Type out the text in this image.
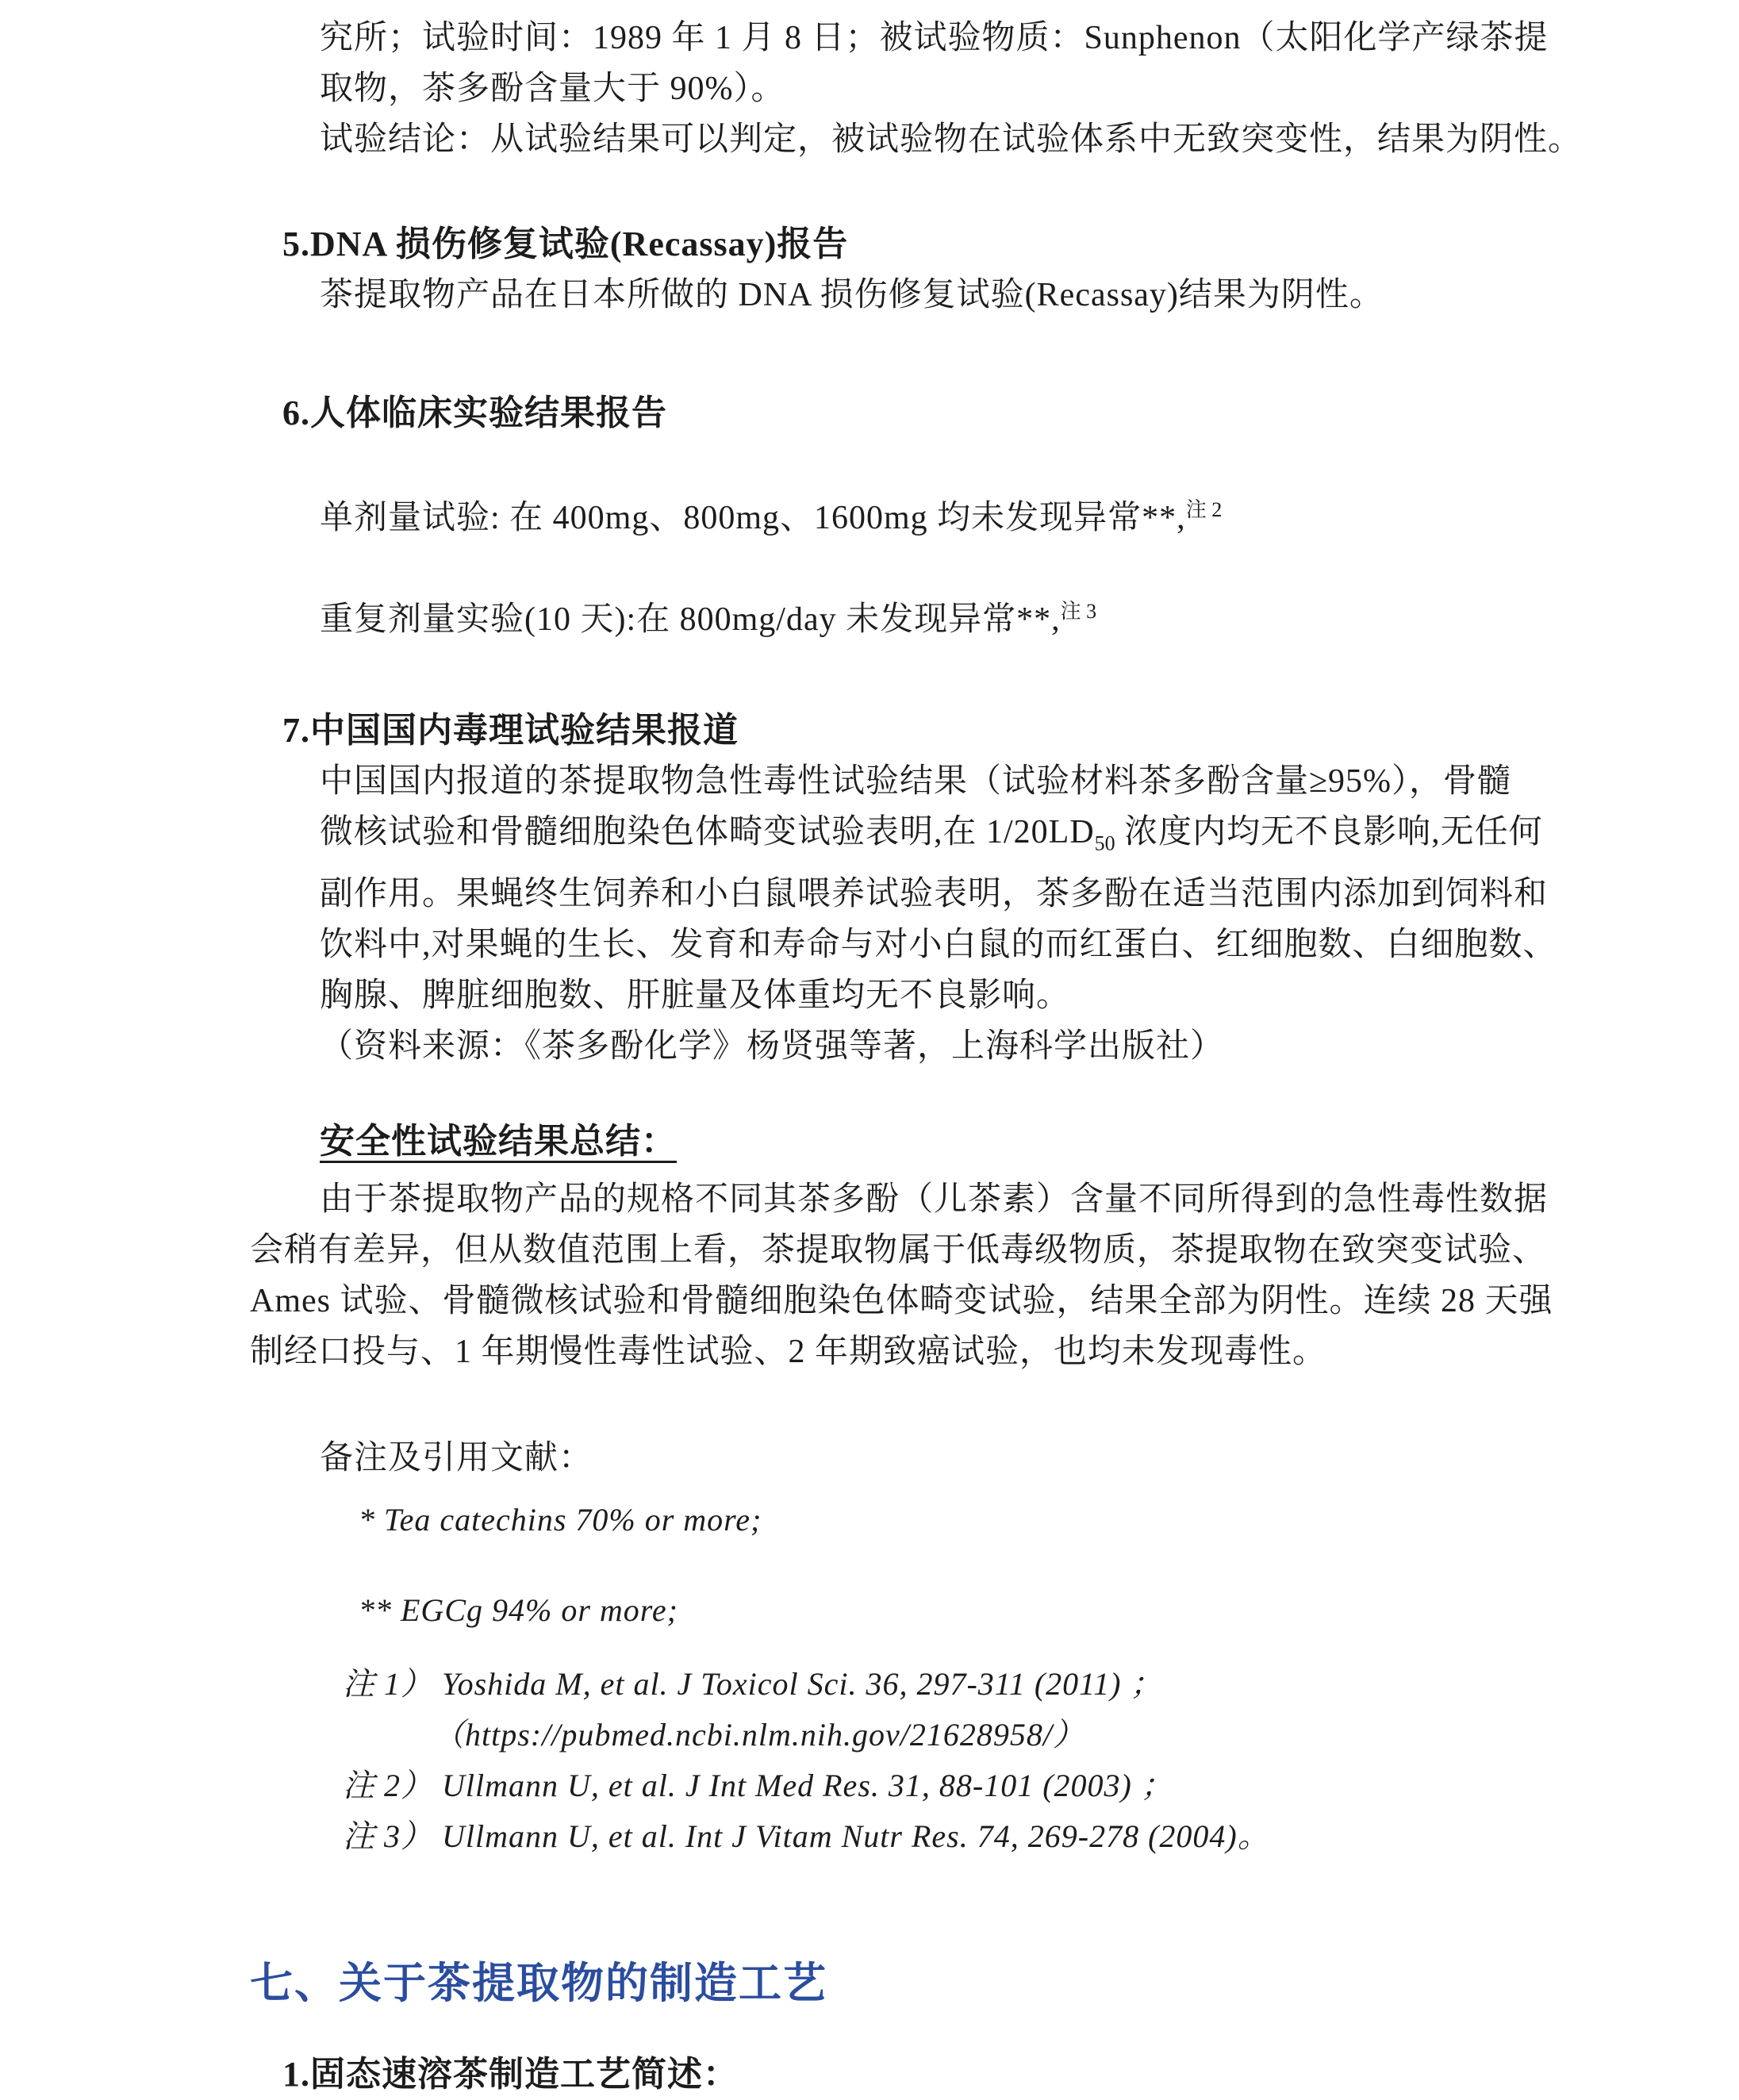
究所；试验时间：1989 年 1 月 8 日；被试验物质：Sunphenon（太阳化学产绿茶提
取物，茶多酚含量大于 90%）。
试验结论：从试验结果可以判定，被试验物在试验体系中无致突变性，结果为阴性。
5.DNA 损伤修复试验(Recassay)报告
茶提取物产品在日本所做的 DNA 损伤修复试验(Recassay)结果为阴性。
6.人体临床实验结果报告
单剂量试验: 在 400mg、800mg、1600mg 均未发现异常**,$^{注 2}$
重复剂量实验(10 天):在 800mg/day 未发现异常**,$^{注 3}$
7.中国国内毒理试验结果报道
中国国内报道的茶提取物急性毒性试验结果（试验材料茶多酚含量≥95%），骨髓
微核试验和骨髓细胞染色体畸变试验表明,在 $1/20LD_{50}$ 浓度内均无不良影响,无任何
副作用。果蝇终生饲养和小白鼠喂养试验表明，茶多酚在适当范围内添加到饲料和
饮料中,对果蝇的生长、发育和寿命与对小白鼠的而红蛋白、红细胞数、白细胞数、
胸腺、脾脏细胞数、肝脏量及体重均无不良影响。
（资料来源：《茶多酚化学》杨贤强等著，上海科学出版社）
安全性试验结果总结：
由于茶提取物产品的规格不同其茶多酚（儿茶素）含量不同所得到的急性毒性数据
会稍有差异，但从数值范围上看，茶提取物属于低毒级物质，茶提取物在致突变试验、
Ames 试验、骨髓微核试验和骨髓细胞染色体畸变试验，结果全部为阴性。连续 28 天强
制经口投与、1 年期慢性毒性试验、2 年期致癌试验，也均未发现毒性。
备注及引用文献：
* Tea catechins 70% or more;
** EGCg 94% or more;
注 1） Yoshida M, et al. J Toxicol Sci. 36, 297-311 (2011) ；
（https://pubmed.ncbi.nlm.nih.gov/21628958/）
注 2） Ullmann U, et al. J Int Med Res. 31, 88-101 (2003) ；
注 3） Ullmann U, et al. Int J Vitam Nutr Res. 74, 269-278 (2004)。
七、关于茶提取物的制造工艺
1.固态速溶茶制造工艺简述：
